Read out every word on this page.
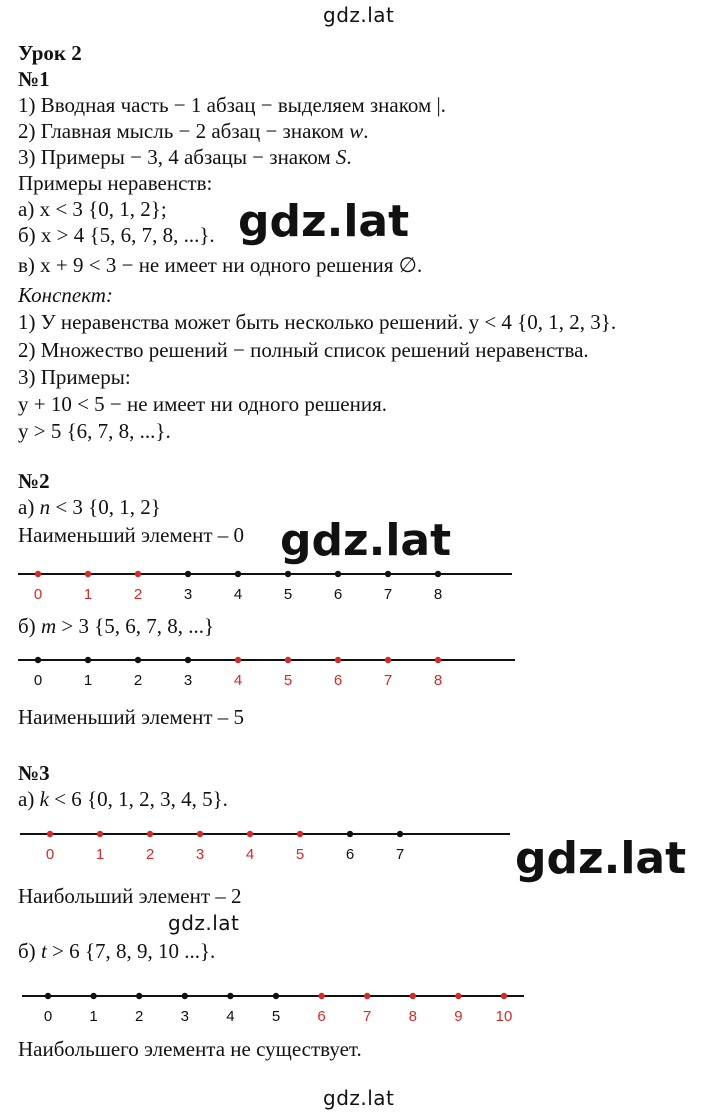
gdz.lat
gdz.lat
gdz.lat
gdz.lat
gdz.lat
gdz.lat
Урок 2
№1
1) Вводная часть − 1 абзац − выделяем знаком |.
2) Главная мысль − 2 абзац − знаком w.
3) Примеры − 3, 4 абзацы − знаком S.
Примеры неравенств:
а) x < 3 {0, 1, 2};
б) x > 4 {5, 6, 7, 8, ...}.
в) x + 9 < 3 − не имеет ни одного решения ∅.
Конспект:
1) У неравенства может быть несколько решений. y < 4 {0, 1, 2, 3}.
2) Множество решений − полный список решений неравенства.
3) Примеры:
y + 10 < 5 − не имеет ни одного решения.
y > 5 {6, 7, 8, ...}.
№2
а) n < 3 {0, 1, 2}
Наименьший элемент – 0
0	1	2	3	4	5	6	7	8
б) m > 3 {5, 6, 7, 8, ...}
0	1	2	3	4	5	6	7	8
Наименьший элемент – 5
№3
а) k < 6 {0, 1, 2, 3, 4, 5}.
0	1	2	3	4	5	6	7
Наибольший элемент – 2
б) t > 6 {7, 8, 9, 10 ...}.
0 1 2 3 4 5 6 7 8 9 10
Наибольшего элемента не существует.
